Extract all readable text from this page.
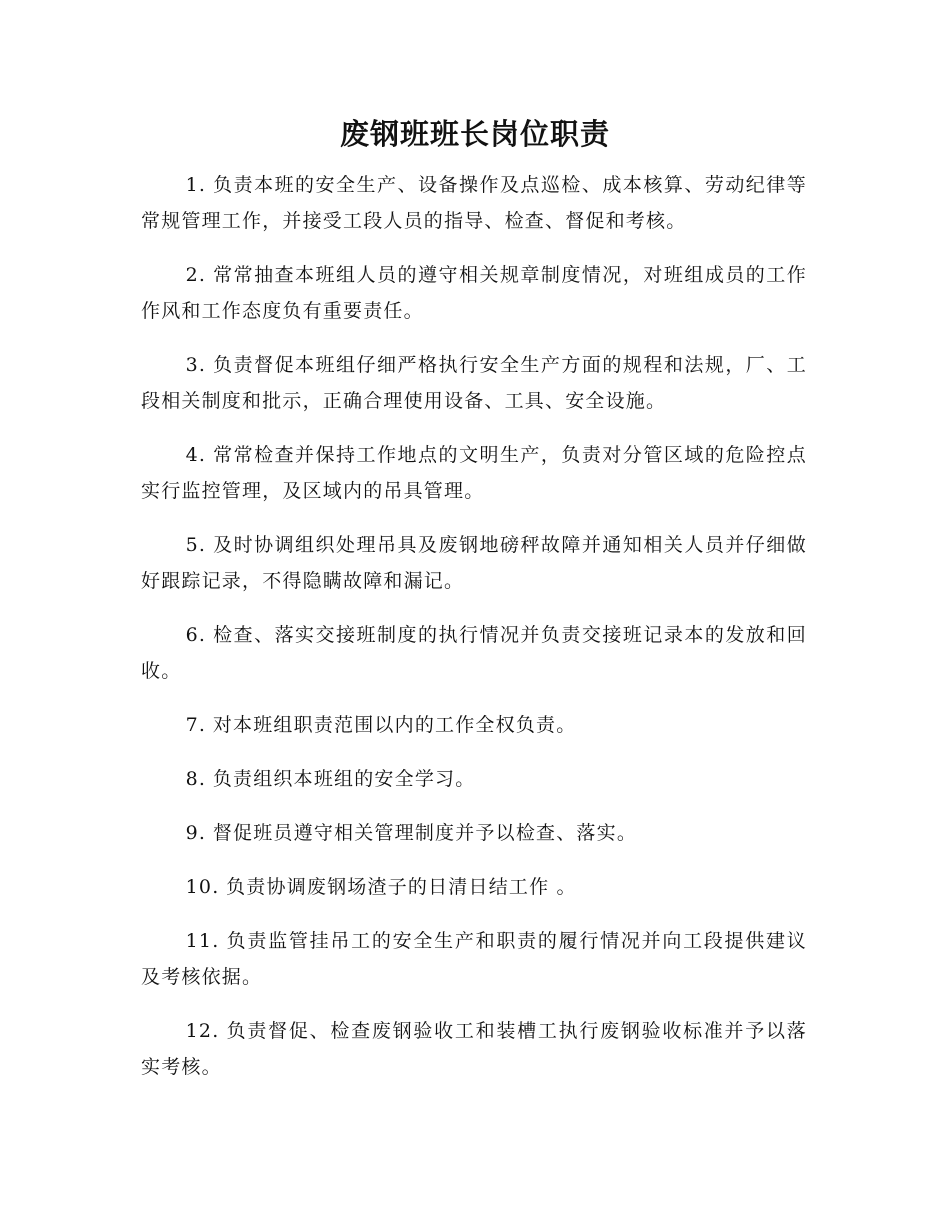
废钢班班长岗位职责

1. 负责本班的安全生产、设备操作及点巡检、成本核算、劳动纪律等常规管理工作，并接受工段人员的指导、检查、督促和考核。

2. 常常抽查本班组人员的遵守相关规章制度情况，对班组成员的工作作风和工作态度负有重要责任。

3. 负责督促本班组仔细严格执行安全生产方面的规程和法规，厂、工段相关制度和批示，正确合理使用设备、工具、安全设施。

4. 常常检查并保持工作地点的文明生产，负责对分管区域的危险控点实行监控管理，及区域内的吊具管理。

5. 及时协调组织处理吊具及废钢地磅秤故障并通知相关人员并仔细做好跟踪记录，不得隐瞒故障和漏记。

6. 检查、落实交接班制度的执行情况并负责交接班记录本的发放和回收。

7. 对本班组职责范围以内的工作全权负责。

8. 负责组织本班组的安全学习。

9. 督促班员遵守相关管理制度并予以检查、落实。

10. 负责协调废钢场渣子的日清日结工作 。

11. 负责监管挂吊工的安全生产和职责的履行情况并向工段提供建议及考核依据。

12. 负责督促、检查废钢验收工和装槽工执行废钢验收标准并予以落实考核。
